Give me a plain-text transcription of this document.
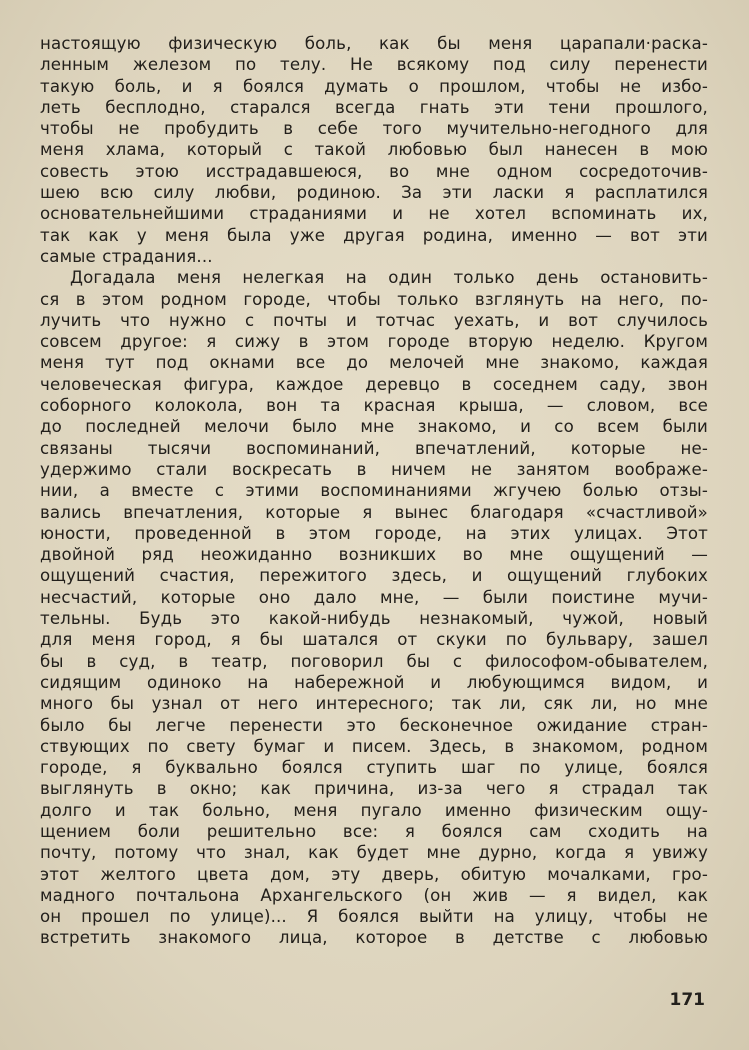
настоящую физическую боль, как бы меня царапали·раска-
ленным железом по телу. Не всякому под силу перенести
такую боль, и я боялся думать о прошлом, чтобы не избо-
леть бесплодно, старался всегда гнать эти тени прошлого,
чтобы не пробудить в себе того мучительно-негодного для
меня хлама, который с такой любовью был нанесен в мою
совесть этою исстрадавшеюся, во мне одном сосредоточив-
шею всю силу любви, родиною. За эти ласки я расплатился
основательнейшими страданиями и не хотел вспоминать их,
так как у меня была уже другая родина, именно — вот эти
самые страдания...
Догадала меня нелегкая на один только день остановить-
ся в этом родном городе, чтобы только взглянуть на него, по-
лучить что нужно с почты и тотчас уехать, и вот случилось
совсем другое: я сижу в этом городе вторую неделю. Кругом
меня тут под окнами все до мелочей мне знакомо, каждая
человеческая фигура, каждое деревцо в соседнем саду, звон
соборного колокола, вон та красная крыша, — словом, все
до последней мелочи было мне знакомо, и со всем были
связаны тысячи воспоминаний, впечатлений, которые не-
удержимо стали воскресать в ничем не занятом воображе-
нии, а вместе с этими воспоминаниями жгучею болью отзы-
вались впечатления, которые я вынес благодаря «счастливой»
юности, проведенной в этом городе, на этих улицах. Этот
двойной ряд неожиданно возникших во мне ощущений —
ощущений счастия, пережитого здесь, и ощущений глубоких
несчастий, которые оно дало мне, — были поистине мучи-
тельны. Будь это какой-нибудь незнакомый, чужой, новый
для меня город, я бы шатался от скуки по бульвару, зашел
бы в суд, в театр, поговорил бы с философом-обывателем,
сидящим одиноко на набережной и любующимся видом, и
много бы узнал от него интересного; так ли, сяк ли, но мне
было бы легче перенести это бесконечное ожидание стран-
ствующих по свету бумаг и писем. Здесь, в знакомом, родном
городе, я буквально боялся ступить шаг по улице, боялся
выглянуть в окно; как причина, из-за чего я страдал так
долго и так больно, меня пугало именно физическим ощу-
щением боли решительно все: я боялся сам сходить на
почту, потому что знал, как будет мне дурно, когда я увижу
этот желтого цвета дом, эту дверь, обитую мочалками, гро-
мадного почтальона Архангельского (он жив — я видел, как
он прошел по улице)... Я боялся выйти на улицу, чтобы не
встретить знакомого лица, которое в детстве с любовью
171
